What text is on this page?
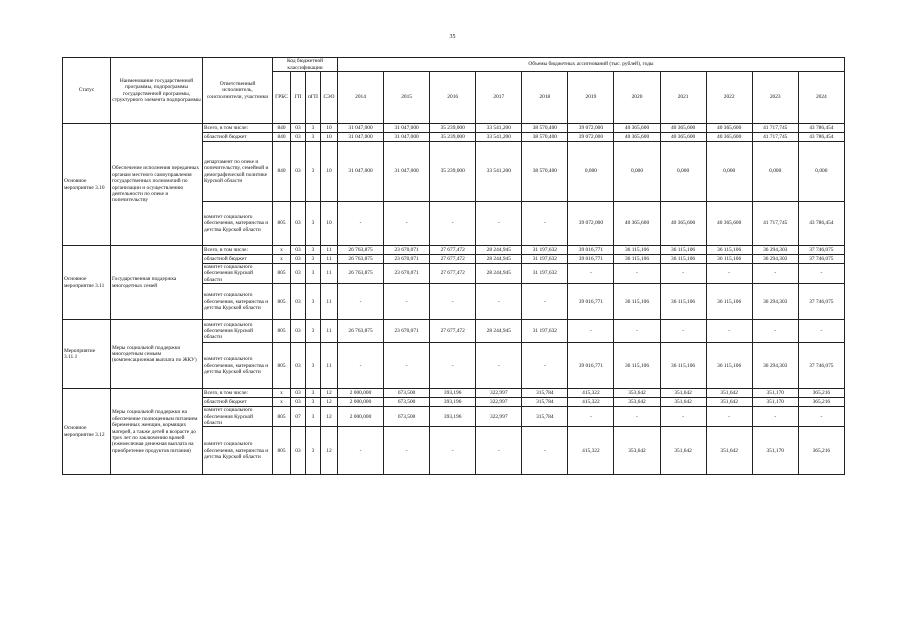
35
Статус	Наименование государственной программы, подпрограммы государственной программы, структурного элемента подпрограммы	Ответственный исполнитель, соисполнители, участники	Код бюджетной классификации				Объемы бюджетных ассигнований (тыс. рублей), годы										
			ГРБС	ГП	пГП	СЭО	2014	2015	2016	2017	2018	2019	2020	2021	2022	2023	2024
Основное мероприятие 3.10	Обеспечение исполнения переданных органам местного самоуправления государственных полномочий по организации и осуществлению деятельности по опеке и попечительству	Всего, в том числе:	840	03	3	10	31 047,000	31 047,000	35 239,000	33 541,200	38 570,400	39 072,000	40 365,600	40 365,600	40 365,600	41 717,745	43 786,454
		областной бюджет	840	03	3	10	31 047,000	31 047,000	35 239,000	33 541,200	38 570,400	39 072,000	40 365,600	40 365,600	40 365,600	41 717,745	43 786,454
		департамент по опеке и попечительству, семейной и демографической политике Курской области	840	03	3	10	31 047,000	31 047,000	35 239,000	33 541,200	38 570,400	0,000	0,000	0,000	0,000	0,000	0,000
		комитет социального обеспечения, материнства и детства Курской области	805	03	3	10	-	-	-	-	-	39 072,000	40 365,600	40 365,600	40 365,600	41 717,745	43 786,454
Основное мероприятие 3.11	Государственная поддержка многодетных семей	Всего, в том числе:	x	03	3	11	26 763,875	23 670,071	27 677,472	28 244,945	31 197,632	39 016,771	36 115,106	36 115,106	36 115,106	36 294,303	37 746,075
		областной бюджет	x	03	3	11	26 763,875	23 670,071	27 677,472	28 244,945	31 197,632	39 016,771	36 115,106	36 115,106	36 115,106	36 294,303	37 746,075
		комитет социального обеспечения Курской области	805	03	3	11	26 763,875	23 670,071	27 677,472	28 244,945	31 197,632	-	-	-	-	-	-
		комитет социального обеспечения, материнства и детства Курской области	805	03	3	11	-	-	-	-	-	39 016,771	36 115,106	36 115,106	36 115,106	36 294,303	37 746,075
Мероприятие 3.11.1	Меры социальной поддержки многодетным семьям (компенсационная выплата по ЖКУ)	комитет социального обеспечения Курской области	805	03	3	11	26 763,875	23 670,071	27 677,472	28 244,945	31 197,632	-	-	-	-	-	-
		комитет социального обеспечения, материнства и детства Курской области	805	03	3	11	-	-	-	-	-	39 016,771	36 115,106	36 115,106	36 115,106	36 294,303	37 746,075
Основное мероприятие 3.12	Меры социальной поддержки на обеспечение полноценным питанием беременных женщин, кормящих матерей, а также детей в возрасте до трех лет по заключению врачей (ежемесячная денежная выплата на приобретение продуктов питания)	Всего, в том числе:	x	03	3	12	2 000,000	673,500	393,196	322,997	315,784	415,322	353,642	351,642	351,642	351,170	365,216
		областной бюджет	x	03	3	12	2 000,000	673,500	393,196	322,997	315,784	415,322	353,642	351,642	351,642	351,170	365,216
		комитет социального обеспечения Курской области	805	07	3	12	2 000,000	673,500	393,196	322,997	315,784	-	-	-	-	-	-
		комитет социального обеспечения, материнства и детства Курской области	805	03	3	12	-	-	-	-	-	415,322	353,642	351,642	351,642	351,170	365,216
